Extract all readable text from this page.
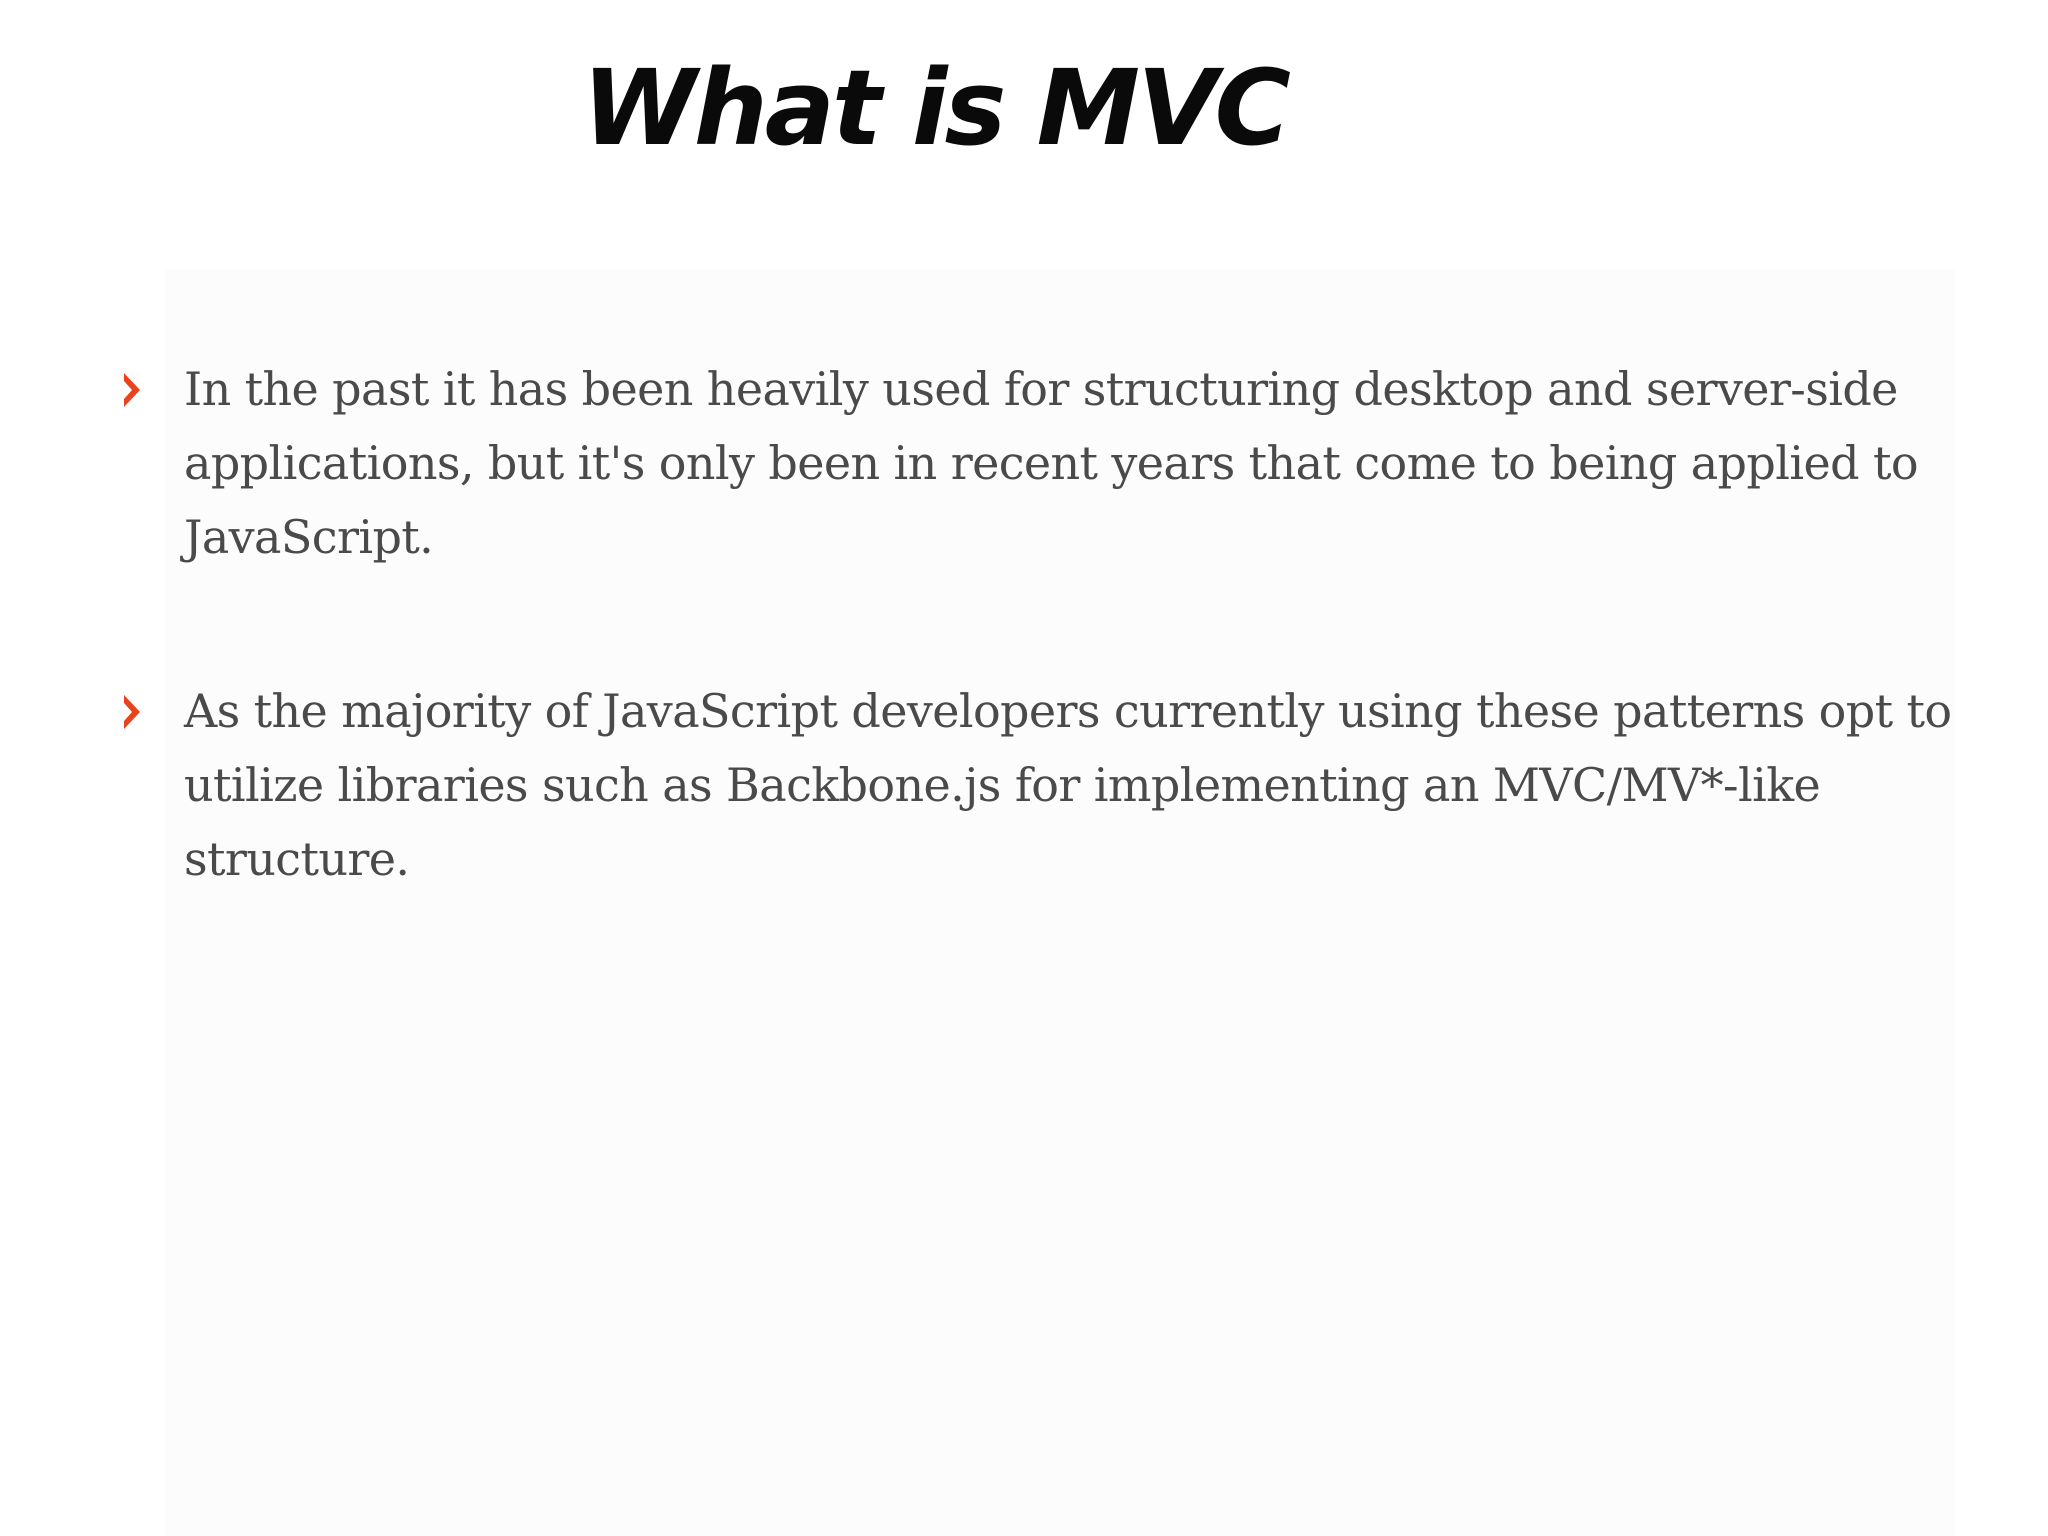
What is MVC
In the past it has been heavily used for structuring desktop and server-side applications, but it's only been in recent years that come to being applied to JavaScript.
As the majority of JavaScript developers currently using these patterns opt to utilize libraries such as Backbone.js for implementing an MVC/MV*-like structure.
